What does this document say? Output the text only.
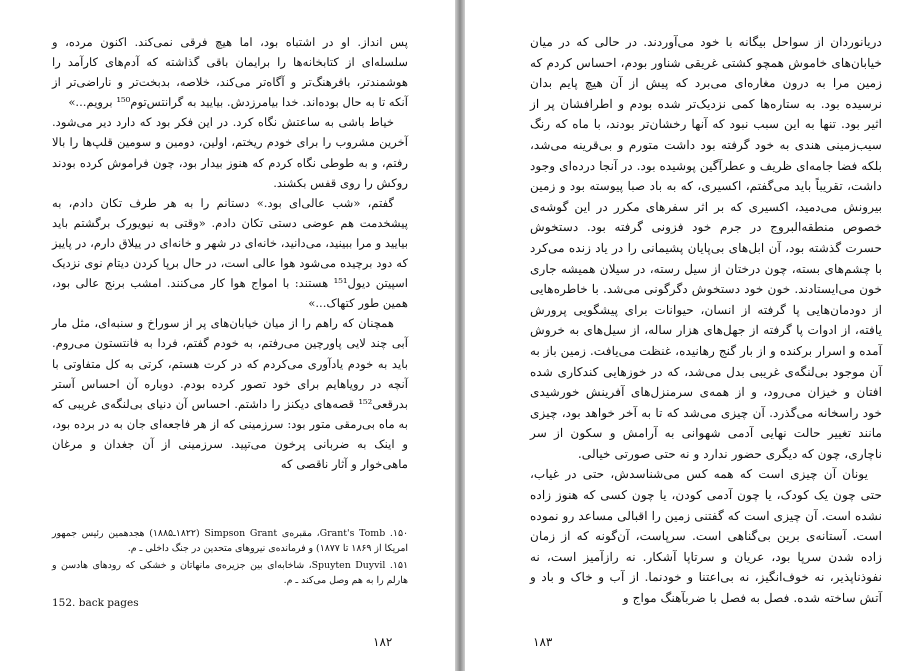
پس انداز. او در اشتباه بود، اما هیچ فرقی نمی‌کند. اکنون مرده، و سلسله‌ای از کتابخانه‌ها را برایمان باقی گذاشته که آدم‌های کارآمد را هوشمندتر، بافرهنگ‌تر و آگاه‌تر می‌کند، خلاصه، بدبخت‌تر و ناراضی‌تر از آنکه تا به حال بوده‌اند. خدا بیامرزدش. بیایید به گرانتس‌توم¹⁵⁰ برویم...»

خیاط باشی به ساعتش نگاه کرد. در این فکر بود که دارد دیر می‌شود. آخرین مشروب را برای خودم ریختم، اولین، دومین و سومین قلپ‌ها را بالا رفتم، و به طوطی نگاه کردم که هنوز بیدار بود، چون فراموش کرده بودند روکش را روی قفس بکشند.

گفتم، «شب عالی‌ای بود.» دستانم را به هر طرف تکان دادم، به پیشخدمت هم عوضی دستی تکان دادم. «وقتی به نیویورک برگشتم باید بیایید و مرا ببینید، می‌دانید، خانه‌ای در شهر و خانه‌ای در ییلاق دارم، در پاییز که دود برچیده می‌شود هوا عالی است، در حال برپا کردن دیتام نوی نزدیک اسپیتن دیول¹⁵¹ هستند: با امواج هوا کار می‌کنند. امشب برنج عالی بود، همین طور کتهاک...»

همچنان که راهم را از میان خیابان‌های پر از سوراخ و سنبه‌ای، مثل مار آبی چند لایی پاورچین می‌رفتم، به خودم گفتم، فردا به فانتستون می‌روم. باید به خودم یادآوری می‌کردم که در کرت هستم، کرتی به کل متفاوتی با آنچه در رویاهایم برای خود تصور کرده بودم. دوباره آن احساس آستر بدرقعی¹⁵² قصه‌های دیکنز را داشتم. احساس آن دنیای بی‌لنگه‌ی غریبی که به ماه بی‌رمقی متور بود: سرزمینی که از هر فاجعه‌ای جان به در برده بود، و اینک به ضربانی پرخون می‌تپید. سرزمینی از آن جغدان و مرغان ماهی‌خوار و آثار ناقصی که

۱۵۰. Grant's Tomb، مقبره‌ی Simpson Grant (۱۸۲۲ـ۱۸۸۵) هجدهمین رئیس جمهور امریکا از ۱۸۶۹ تا ۱۸۷۷) و فرمانده‌ی نیروهای متحدین در جنگ داخلی ـ م.

۱۵۱. Spuyten Duyvil، شاخابه‌ای بین جزیره‌ی مانهاتان و خشکی که رودهای هادسن و هارلم را به هم وصل می‌کند ـ م.

152. back pages
۱۸۲

دریانوردان از سواحل بیگانه با خود می‌آوردند. در حالی که در میان خیابان‌های خاموش همچو کشتی غریقی شناور بودم، احساس کردم که زمین مرا به درون مغاره‌ای می‌برد که پیش از آن هیچ پایم بدان نرسیده بود. به ستاره‌ها کمی نزدیک‌تر شده بودم و اطرافشان پر از اثیر بود. تنها به این سبب نبود که آنها رخشان‌تر بودند، با ماه که رنگ سیب‌زمینی هندی به خود گرفته بود داشت متورم و بی‌قرینه می‌شد، بلکه فضا جامه‌ای ظریف و عطرآگین پوشیده بود. در آنجا درده‌ای وجود داشت، تقریباً باید می‌گفتم، اکسیری، که به باد صبا پیوسته بود و زمین بیرونش می‌دمید، اکسیری که بر اثر سفرهای مکرر در این گوشه‌ی خصوص منطقه‌البروج در جرم خود فزونی گرفته بود. دستخوش حسرت گذشته بود، آن ابل‌های بی‌پایان پشیمانی را در یاد زنده می‌کرد با چشم‌های بسته، چون درختان از سیل رسته، در سیلان همیشه جاری خون می‌ایستادند. خون خود دستخوش دگرگونی می‌شد. با خاطره‌هایی از دودمان‌هایی پا گرفته از انسان، حیوانات برای پیشگویی پرورش یافته، از ادوات پا گرفته از جهل‌های هزار ساله، از سیل‌های به خروش آمده و اسرار برکنده و از بار گنج رهانیده، غنظت می‌یافت. زمین باز به آن موجود بی‌لنگه‌ی غریبی بدل می‌شد، که در خوزهایی کندکاری شده افتان و خیزان می‌رود، و از همه‌ی سرمنزل‌های آفرینش خورشیدی خود راسخانه می‌گذرد. آن چیزی می‌شد که تا به آخر خواهد بود، چیزی مانند تغییر حالت نهایی آدمی شهوانی به آرامش و سکون از سر ناچاری، چون که دیگری حضور ندارد و نه حتی صورتی خیالی.

یونان آن چیزی است که همه کس می‌شناسدش، حتی در غیاب، حتی چون یک کودک، یا چون آدمی کودن، یا چون کسی که هنوز زاده نشده است. آن چیزی است که گفتنی زمین را اقبالی مساعد رو نموده است. آستانه‌ی برین بی‌گناهی است. سرپاست، آن‌گونه که از زمان زاده شدن سرپا بود، عریان و سرتاپا آشکار. نه رازآمیز است، نه نفوذناپذیر، نه خوف‌انگیز، نه بی‌اعتنا و خودنما. از آب و خاک و باد و آتش ساخته شده. فصل به فصل با ضربآهنگ مواج و

۱۸۳
